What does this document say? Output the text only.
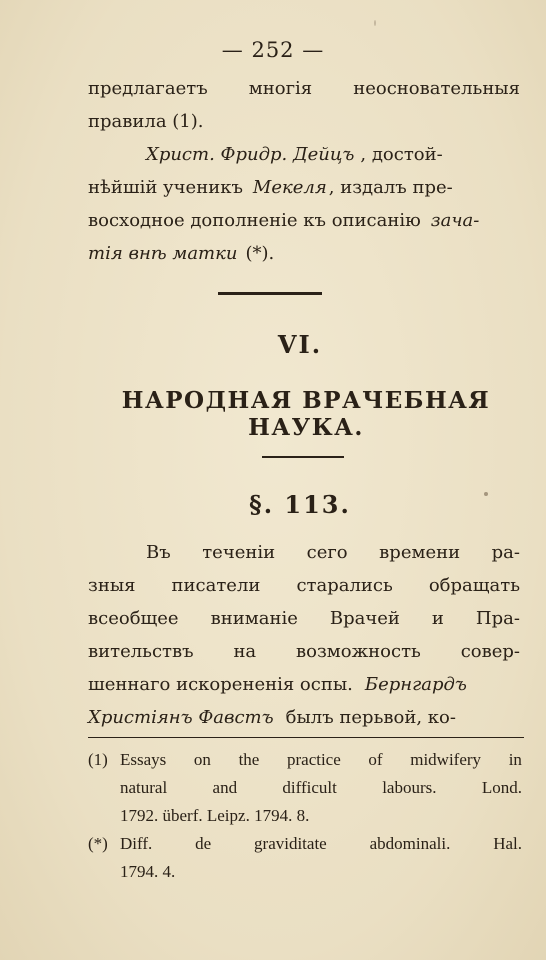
— 252 —
предлагаетъ многія неосновательныя
правила (1).
Христ. Фридр. Дейцъ , достой-
нѣйшій ученикъ Мекеля , издалъ пре-
восходное дополненіе къ описанію зача-
тія внѣ матки (*).
VI.
НАРОДНАЯ ВРАЧЕБНАЯ НАУКА.
§. 113.
Въ теченіи сего времени ра-
зныя писатели старались обращать
всеобщее вниманіе Врачей и Пра-
вительствъ на возможность совер-
шеннаго искорененія оспы. Бернгардъ
Христіянъ Фавстъ былъ перьвой, ко-
(1) Essays on the practice of midwifery in
natural	and	difficult	labours.	Lond.
1792. überf. Leipz. 1794. 8.
(*) Diff.	de	graviditate	abdominali.	Hal.
1794. 4.
